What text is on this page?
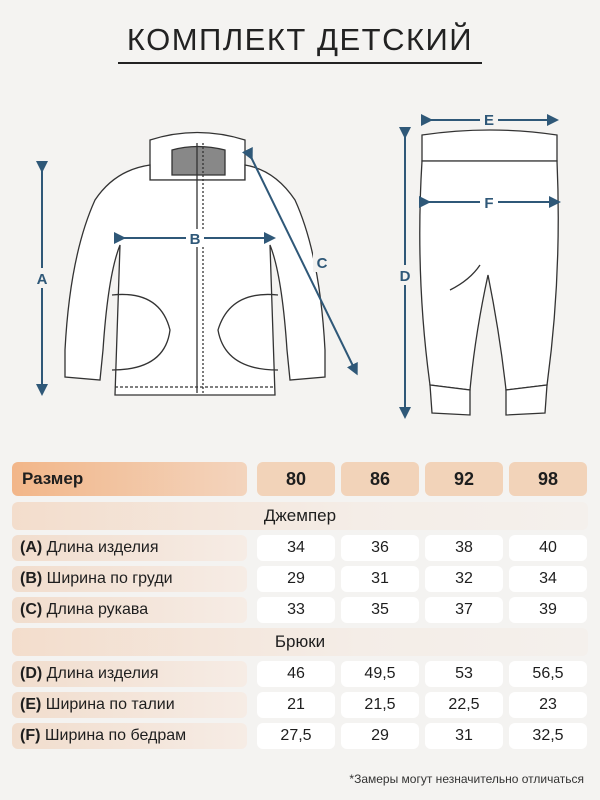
КОМПЛЕКТ ДЕТСКИЙ
A
B
C
E
F
D
Размер	80	86	92	98
Джемпер
(A) Длина изделия	34	36	38	40
(B) Ширина по груди	29	31	32	34
(C) Длина рукава	33	35	37	39
Брюки
(D) Длина изделия	46	49,5	53	56,5
(E) Ширина по талии	21	21,5	22,5	23
(F) Ширина по бедрам	27,5	29	31	32,5
*Замеры могут незначительно отличаться
